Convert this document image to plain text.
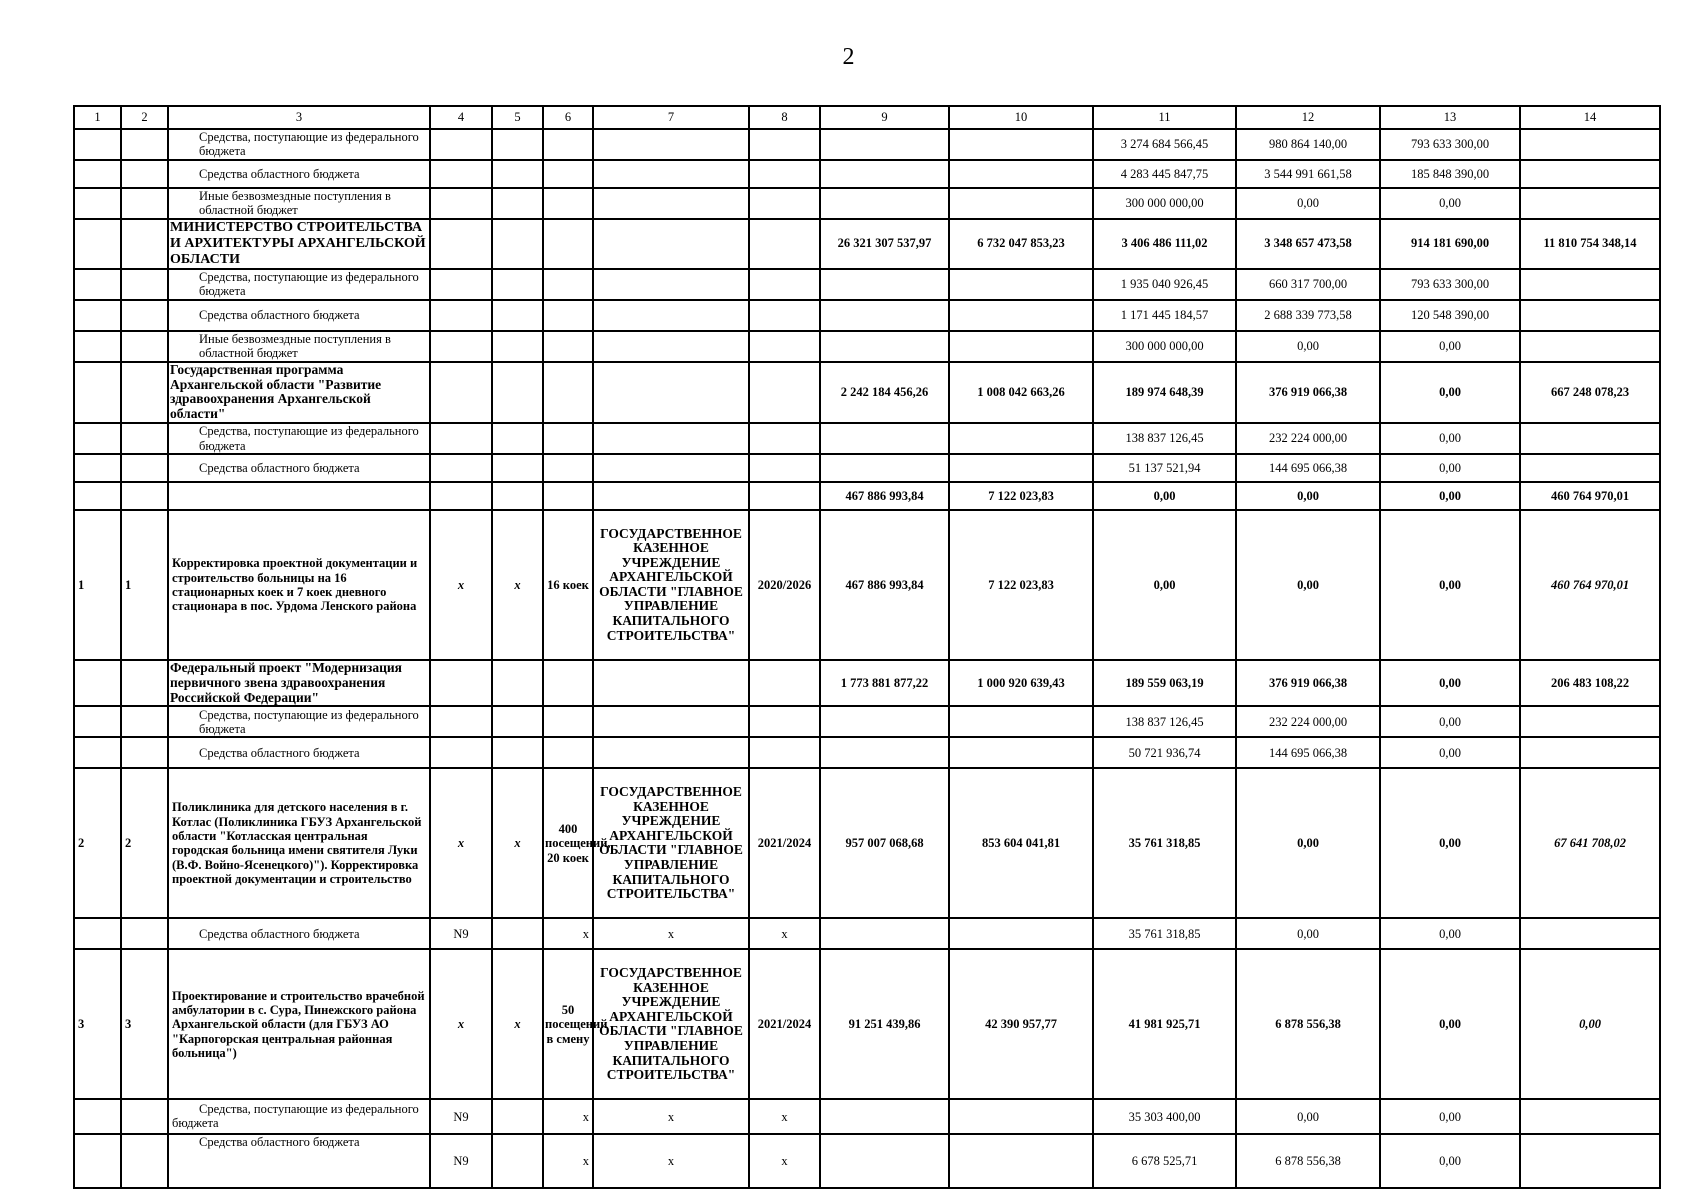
2
1	2	3	4	5	6	7	8	9	10	11	12	13	14
		Средства, поступающие из федерального бюджета								3 274 684 566,45	980 864 140,00	793 633 300,00	
		Средства областного бюджета								4 283 445 847,75	3 544 991 661,58	185 848 390,00	
		Иные безвозмездные поступления в областной бюджет								300 000 000,00	0,00	0,00	
		МИНИСТЕРСТВО СТРОИТЕЛЬСТВА И АРХИТЕКТУРЫ АРХАНГЕЛЬСКОЙ ОБЛАСТИ						26 321 307 537,97	6 732 047 853,23	3 406 486 111,02	3 348 657 473,58	914 181 690,00	11 810 754 348,14
		Средства, поступающие из федерального бюджета								1 935 040 926,45	660 317 700,00	793 633 300,00	
		Средства областного бюджета								1 171 445 184,57	2 688 339 773,58	120 548 390,00	
		Иные безвозмездные поступления в областной бюджет								300 000 000,00	0,00	0,00	
		Государственная программа Архангельской области "Развитие здравоохранения Архангельской области"						2 242 184 456,26	1 008 042 663,26	189 974 648,39	376 919 066,38	0,00	667 248 078,23
		Средства, поступающие из федерального бюджета								138 837 126,45	232 224 000,00	0,00	
		Средства областного бюджета								51 137 521,94	144 695 066,38	0,00	
								467 886 993,84	7 122 023,83	0,00	0,00	0,00	460 764 970,01
1	1	Корректировка проектной документации и строительство больницы на 16 стационарных коек и 7 коек дневного стационара в пос. Урдома Ленского района	х	х	16 коек	ГОСУДАРСТВЕННОЕ КАЗЕННОЕ УЧРЕЖДЕНИЕ АРХАНГЕЛЬСКОЙ ОБЛАСТИ "ГЛАВНОЕ УПРАВЛЕНИЕ КАПИТАЛЬНОГО СТРОИТЕЛЬСТВА"	2020/2026	467 886 993,84	7 122 023,83	0,00	0,00	0,00	460 764 970,01
		Федеральный проект "Модернизация первичного звена здравоохранения Российской Федерации"						1 773 881 877,22	1 000 920 639,43	189 559 063,19	376 919 066,38	0,00	206 483 108,22
		Средства, поступающие из федерального бюджета								138 837 126,45	232 224 000,00	0,00	
		Средства областного бюджета								50 721 936,74	144 695 066,38	0,00	
2	2	Поликлиника для детского населения в г. Котлас (Поликлиника ГБУЗ Архангельской области "Котласская центральная городская больница имени святителя Луки (В.Ф. Войно-Ясенецкого)"). Корректировка проектной документации и строительство	х	х	400 посещений, 20 коек	ГОСУДАРСТВЕННОЕ КАЗЕННОЕ УЧРЕЖДЕНИЕ АРХАНГЕЛЬСКОЙ ОБЛАСТИ "ГЛАВНОЕ УПРАВЛЕНИЕ КАПИТАЛЬНОГО СТРОИТЕЛЬСТВА"	2021/2024	957 007 068,68	853 604 041,81	35 761 318,85	0,00	0,00	67 641 708,02
		Средства областного бюджета	N9		x	x	x			35 761 318,85	0,00	0,00	
3	3	Проектирование и строительство врачебной амбулатории в с. Сура, Пинежского района Архангельской области (для ГБУЗ АО "Карпогорская центральная районная больница")	х	х	50 посещений в смену	ГОСУДАРСТВЕННОЕ КАЗЕННОЕ УЧРЕЖДЕНИЕ АРХАНГЕЛЬСКОЙ ОБЛАСТИ "ГЛАВНОЕ УПРАВЛЕНИЕ КАПИТАЛЬНОГО СТРОИТЕЛЬСТВА"	2021/2024	91 251 439,86	42 390 957,77	41 981 925,71	6 878 556,38	0,00	0,00
		Средства, поступающие из федерального бюджета	N9		x	x	x			35 303 400,00	0,00	0,00	
		Средства областного бюджета	N9		x	x	x			6 678 525,71	6 878 556,38	0,00	
